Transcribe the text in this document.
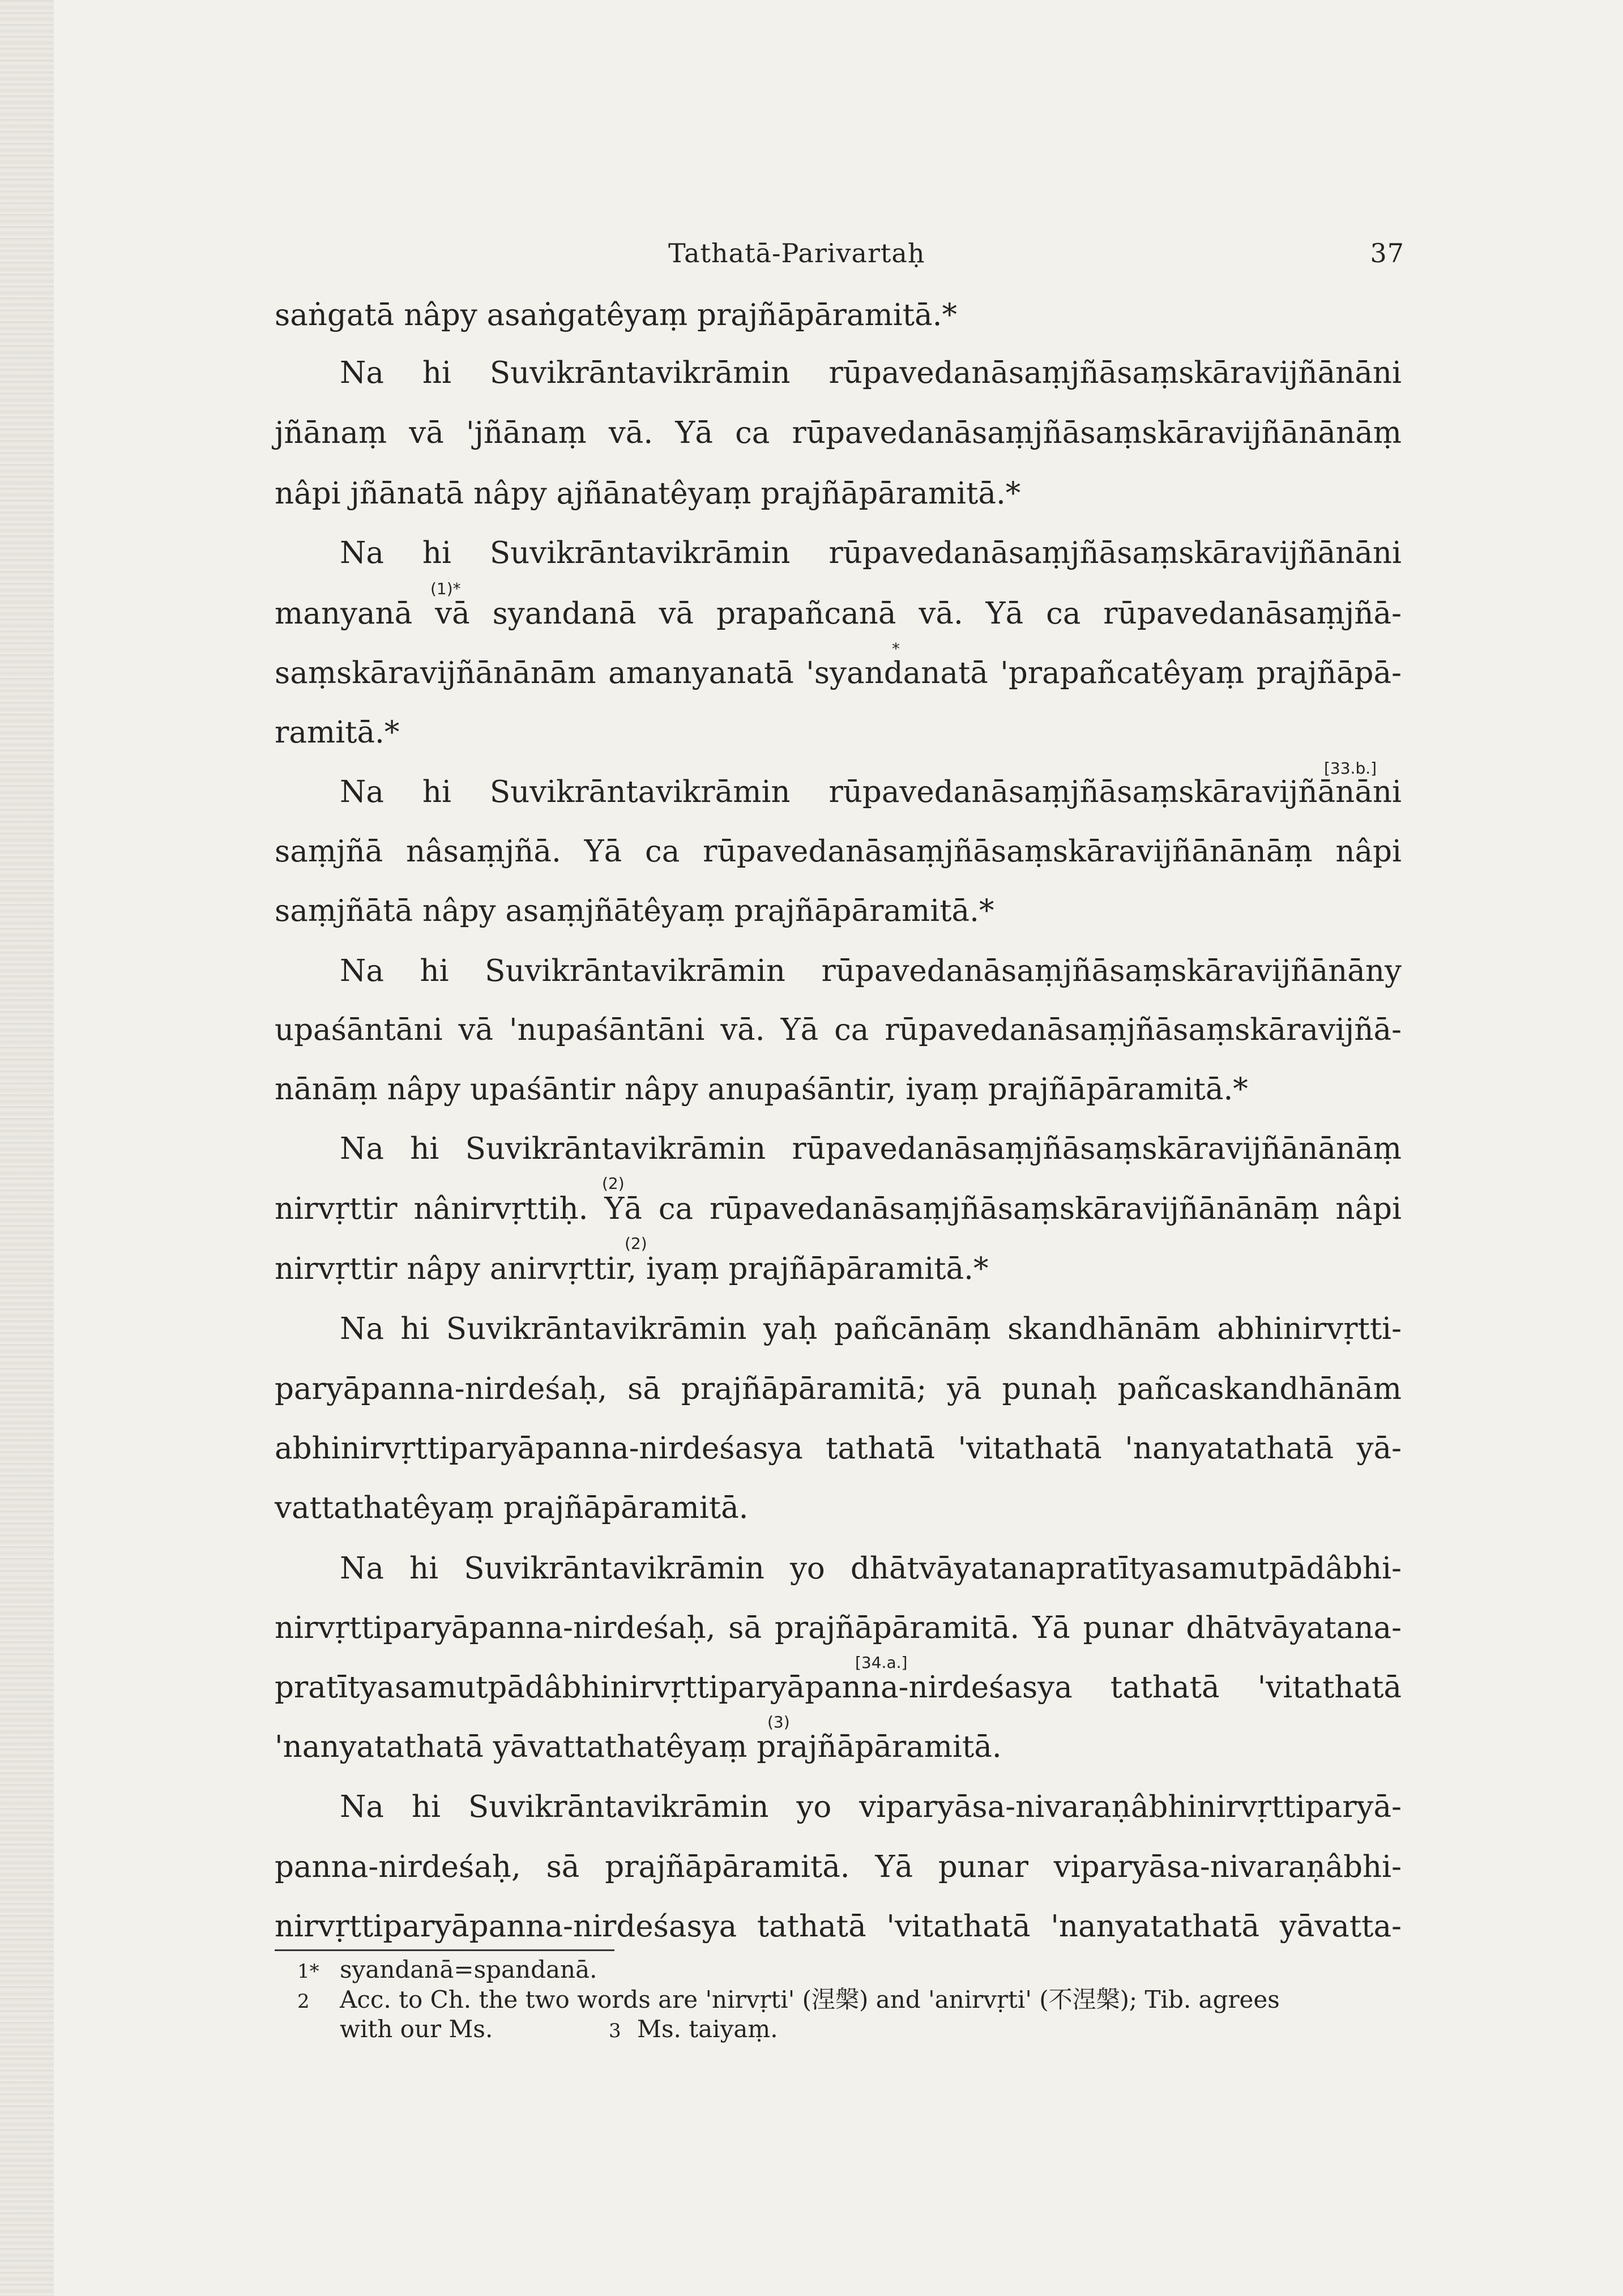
Tathatā-Parivartaḥ	37
saṅgatā nâpy asaṅgatêyaṃ prajñāpāramitā.*
Na hi Suvikrāntavikrāmin rūpavedanāsaṃjñāsaṃskāravijñānāni
jñānaṃ vā 'jñānaṃ vā. Yā ca rūpavedanāsaṃjñāsaṃskāravijñānānāṃ
nâpi jñānatā nâpy ajñānatêyaṃ prajñāpāramitā.*
Na hi Suvikrāntavikrāmin rūpavedanāsaṃjñāsaṃskāravijñānāni
manyanā vā syandanā vā prapañcanā vā. Yā ca rūpavedanāsaṃjñā-
saṃskāravijñānānām amanyanatā 'syandanatā 'prapañcatêyaṃ prajñāpā-
ramitā.*
Na hi Suvikrāntavikrāmin rūpavedanāsaṃjñāsaṃskāravijñānāni
saṃjñā nâsaṃjñā. Yā ca rūpavedanāsaṃjñāsaṃskāravijñānānāṃ nâpi
saṃjñātā nâpy asaṃjñātêyaṃ prajñāpāramitā.*
Na hi Suvikrāntavikrāmin rūpavedanāsaṃjñāsaṃskāravijñānāny
upaśāntāni vā 'nupaśāntāni vā. Yā ca rūpavedanāsaṃjñāsaṃskāravijñā-
nānāṃ nâpy upaśāntir nâpy anupaśāntir, iyaṃ prajñāpāramitā.*
Na hi Suvikrāntavikrāmin rūpavedanāsaṃjñāsaṃskāravijñānānāṃ
nirvṛttir nânirvṛttiḥ. Yā ca rūpavedanāsaṃjñāsaṃskāravijñānānāṃ nâpi
nirvṛttir nâpy anirvṛttir, iyaṃ prajñāpāramitā.*
Na hi Suvikrāntavikrāmin yaḥ pañcānāṃ skandhānām abhinirvṛtti-
paryāpanna-nirdeśaḥ, sā prajñāpāramitā; yā punaḥ pañcaskandhānām
abhinirvṛttiparyāpanna-nirdeśasya tathatā 'vitathatā 'nanyatathatā yā-
vattathatêyaṃ prajñāpāramitā.
Na hi Suvikrāntavikrāmin yo dhātvāyatanapratītyasamutpādâbhi-
nirvṛttiparyāpanna-nirdeśaḥ, sā prajñāpāramitā. Yā punar dhātvāyatana-
pratītyasamutpādâbhinirvṛttiparyāpanna-nirdeśasya tathatā 'vitathatā
'nanyatathatā yāvattathatêyaṃ prajñāpāramitā.
Na hi Suvikrāntavikrāmin yo viparyāsa-nivaraṇâbhinirvṛttiparyā-
panna-nirdeśaḥ, sā prajñāpāramitā. Yā punar viparyāsa-nivaraṇâbhi-
nirvṛttiparyāpanna-nirdeśasya tathatā 'vitathatā 'nanyatathatā yāvatta-
(1)*
*
[33.b.]
(2)
(2)
[34.a.]
(3)
1* syandanā=spandanā.
2 Acc. to Ch. the two words are 'nirvṛti' (涅槃) and 'anirvṛti' (不涅槃); Tib. agrees
with our Ms.	3 Ms. taiyaṃ.
